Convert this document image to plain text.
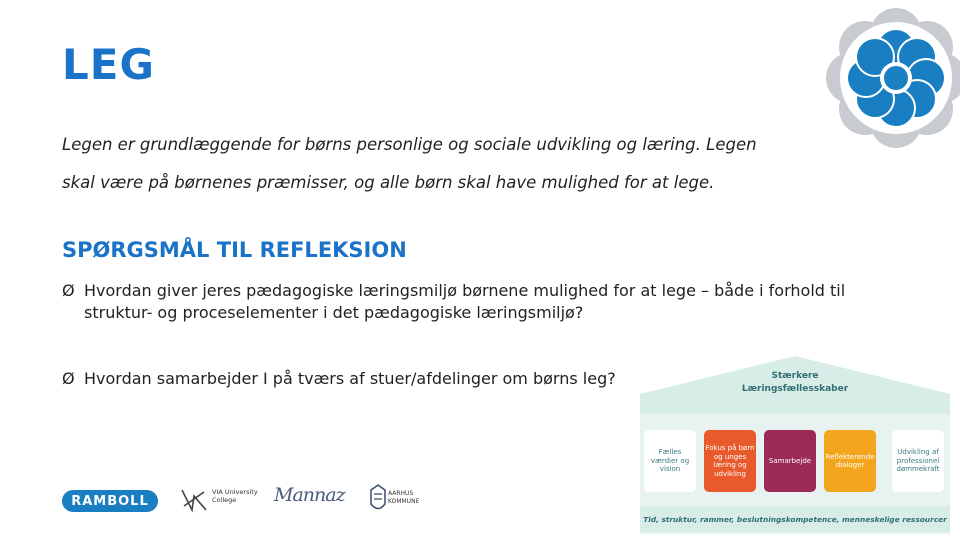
LEG

Legen er grundlæggende for børns personlige og sociale udvikling og læring. Legen

skal være på børnenes præmisser, og alle børn skal have mulighed for at lege.

SPØRGSMÅL TIL REFLEKSION
Ø Hvordan giver jeres pædagogiske læringsmiljø børnene mulighed for at lege – både i forhold til struktur- og proceselementer i det pædagogiske læringsmiljø?
Ø Hvordan samarbejder I på tværs af stuer/afdelinger om børns leg?	Stærkere
Læringsfællesskaber
Fælles værdier og vision
Fokus på børn og unges læring og udvikling
Samarbejde
Reflekterende dialoger
Udvikling af professionel dømmekraft
Tid, struktur, rammer, beslutningskompetence, menneskelige ressourcer
RAMBOLL
VIA University
College	Mannaz	AARHUS
KOMMUNE
